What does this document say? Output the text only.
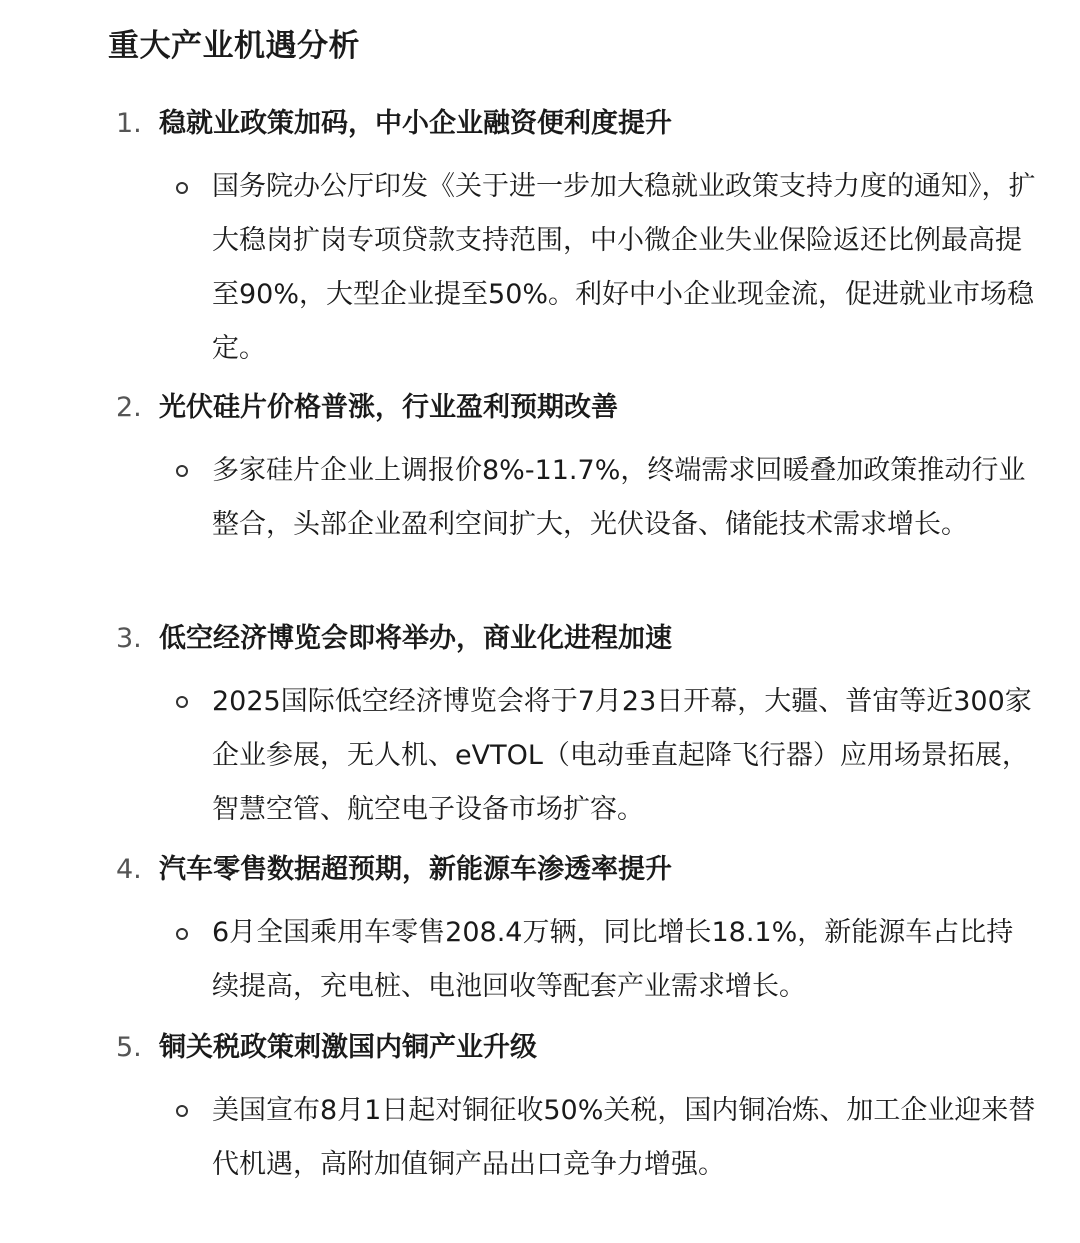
重大产业机遇分析
1. 稳就业政策加码，中小企业融资便利度提升

国务院办公厅印发《关于进一步加大稳就业政策支持力度的通知》，扩大稳岗扩岗专项贷款支持范围，中小微企业失业保险返还比例最高提至90%，大型企业提至50%。利好中小企业现金流，促进就业市场稳定。

2. 光伏硅片价格普涨，行业盈利预期改善

多家硅片企业上调报价8%-11.7%，终端需求回暖叠加政策推动行业整合，头部企业盈利空间扩大，光伏设备、储能技术需求增长。

3. 低空经济博览会即将举办，商业化进程加速

2025国际低空经济博览会将于7月23日开幕，大疆、普宙等近300家企业参展，无人机、eVTOL（电动垂直起降飞行器）应用场景拓展，智慧空管、航空电子设备市场扩容。

4. 汽车零售数据超预期，新能源车渗透率提升

6月全国乘用车零售208.4万辆，同比增长18.1%，新能源车占比持续提高，充电桩、电池回收等配套产业需求增长。

5. 铜关税政策刺激国内铜产业升级

美国宣布8月1日起对铜征收50%关税，国内铜冶炼、加工企业迎来替代机遇，高附加值铜产品出口竞争力增强。
